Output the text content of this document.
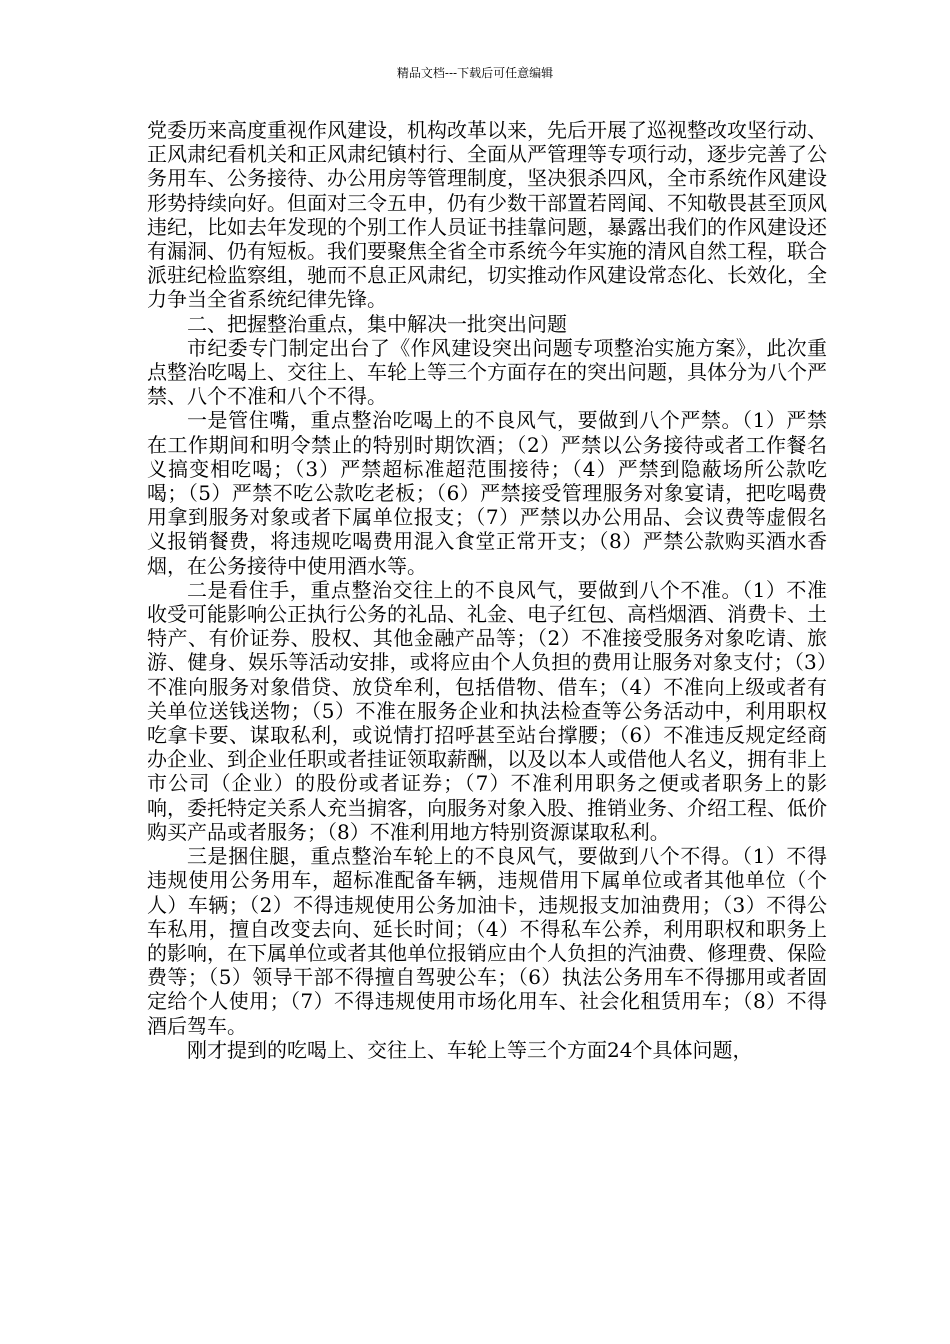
精品文档---下载后可任意编辑

党委历来高度重视作风建设，机构改革以来，先后开展了巡视整改攻坚行动、正风肃纪看机关和正风肃纪镇村行、全面从严管理等专项行动，逐步完善了公务用车、公务接待、办公用房等管理制度，坚决狠杀四风，全市系统作风建设形势持续向好。但面对三令五申，仍有少数干部置若罔闻、不知敬畏甚至顶风违纪，比如去年发现的个别工作人员证书挂靠问题，暴露出我们的作风建设还有漏洞、仍有短板。我们要聚焦全省全市系统今年实施的清风自然工程，联合派驻纪检监察组，驰而不息正风肃纪，切实推动作风建设常态化、长效化，全力争当全省系统纪律先锋。

二、把握整治重点，集中解决一批突出问题

市纪委专门制定出台了《作风建设突出问题专项整治实施方案》，此次重点整治吃喝上、交往上、车轮上等三个方面存在的突出问题，具体分为八个严禁、八个不准和八个不得。

一是管住嘴，重点整治吃喝上的不良风气，要做到八个严禁。（1）严禁在工作期间和明令禁止的特别时期饮酒；（2）严禁以公务接待或者工作餐名义搞变相吃喝；（3）严禁超标准超范围接待；（4）严禁到隐蔽场所公款吃喝；（5）严禁不吃公款吃老板；（6）严禁接受管理服务对象宴请，把吃喝费用拿到服务对象或者下属单位报支；（7）严禁以办公用品、会议费等虚假名义报销餐费，将违规吃喝费用混入食堂正常开支；（8）严禁公款购买酒水香烟，在公务接待中使用酒水等。

二是看住手，重点整治交往上的不良风气，要做到八个不准。（1）不准收受可能影响公正执行公务的礼品、礼金、电子红包、高档烟酒、消费卡、土特产、有价证券、股权、其他金融产品等；（2）不准接受服务对象吃请、旅游、健身、娱乐等活动安排，或将应由个人负担的费用让服务对象支付；（3）不准向服务对象借贷、放贷牟利，包括借物、借车；（4）不准向上级或者有关单位送钱送物；（5）不准在服务企业和执法检查等公务活动中，利用职权吃拿卡要、谋取私利，或说情打招呼甚至站台撑腰；（6）不准违反规定经商办企业、到企业任职或者挂证领取薪酬，以及以本人或借他人名义，拥有非上市公司（企业）的股份或者证券；（7）不准利用职务之便或者职务上的影响，委托特定关系人充当掮客，向服务对象入股、推销业务、介绍工程、低价购买产品或者服务；（8）不准利用地方特别资源谋取私利。

三是捆住腿，重点整治车轮上的不良风气，要做到八个不得。（1）不得违规使用公务用车，超标准配备车辆，违规借用下属单位或者其他单位（个人）车辆；（2）不得违规使用公务加油卡，违规报支加油费用；（3）不得公车私用，擅自改变去向、延长时间；（4）不得私车公养，利用职权和职务上的影响，在下属单位或者其他单位报销应由个人负担的汽油费、修理费、保险费等；（5）领导干部不得擅自驾驶公车；（6）执法公务用车不得挪用或者固定给个人使用；（7）不得违规使用市场化用车、社会化租赁用车；（8）不得酒后驾车。

刚才提到的吃喝上、交往上、车轮上等三个方面24个具体问题，
